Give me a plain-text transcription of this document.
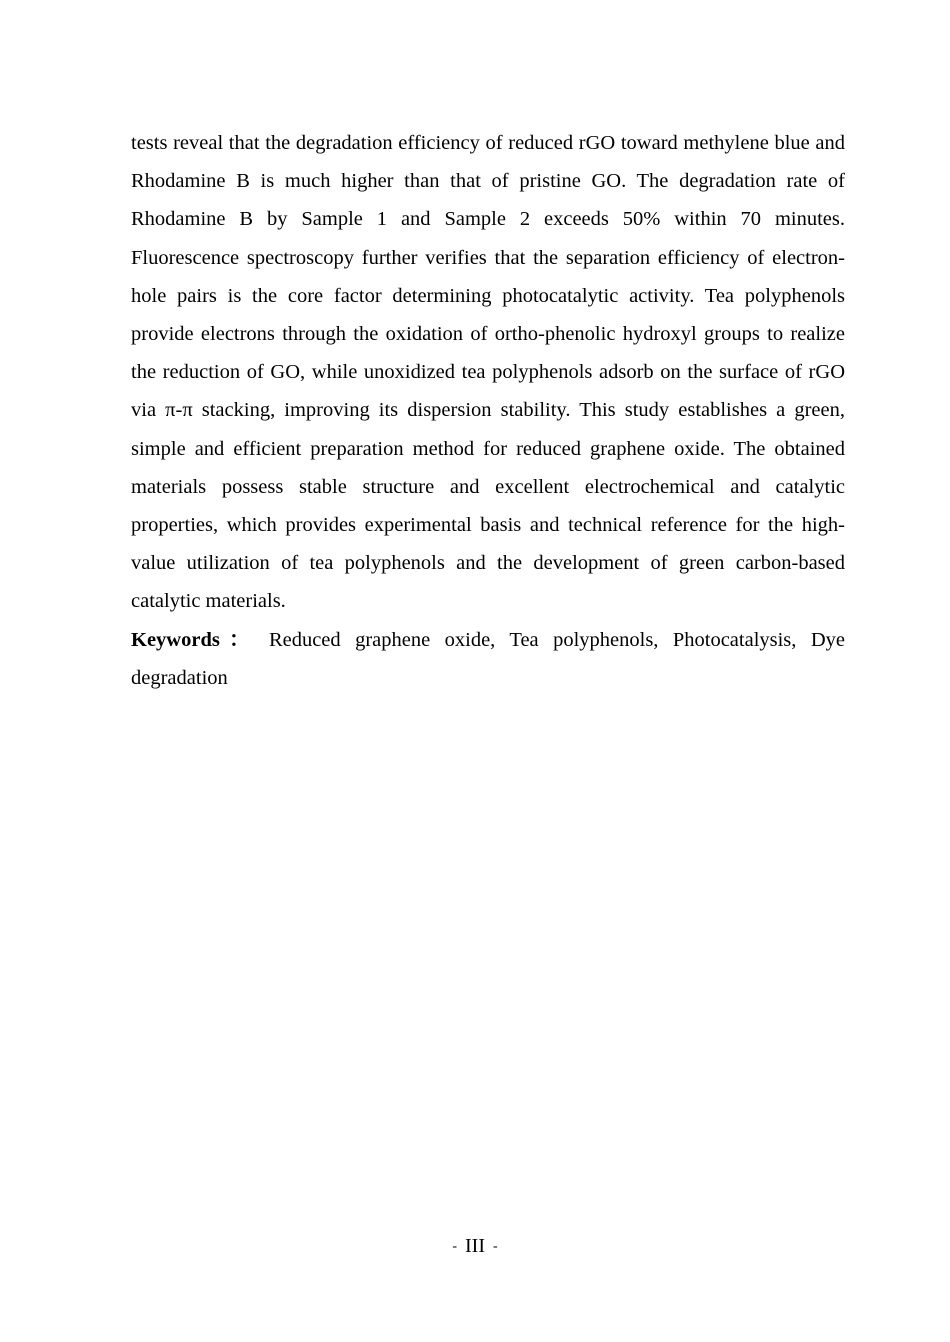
tests reveal that the degradation efficiency of reduced rGO toward methylene blue and Rhodamine B is much higher than that of pristine GO. The degradation rate of Rhodamine B by Sample 1 and Sample 2 exceeds 50% within 70 minutes. Fluorescence spectroscopy further verifies that the separation efficiency of electron-hole pairs is the core factor determining photocatalytic activity. Tea polyphenols provide electrons through the oxidation of ortho-phenolic hydroxyl groups to realize the reduction of GO, while unoxidized tea polyphenols adsorb on the surface of rGO via π-π stacking, improving its dispersion stability. This study establishes a green, simple and efficient preparation method for reduced graphene oxide. The obtained materials possess stable structure and excellent electrochemical and catalytic properties, which provides experimental basis and technical reference for the high-value utilization of tea polyphenols and the development of green carbon-based catalytic materials.

Keywords： Reduced graphene oxide, Tea polyphenols, Photocatalysis, Dye degradation

- III -
